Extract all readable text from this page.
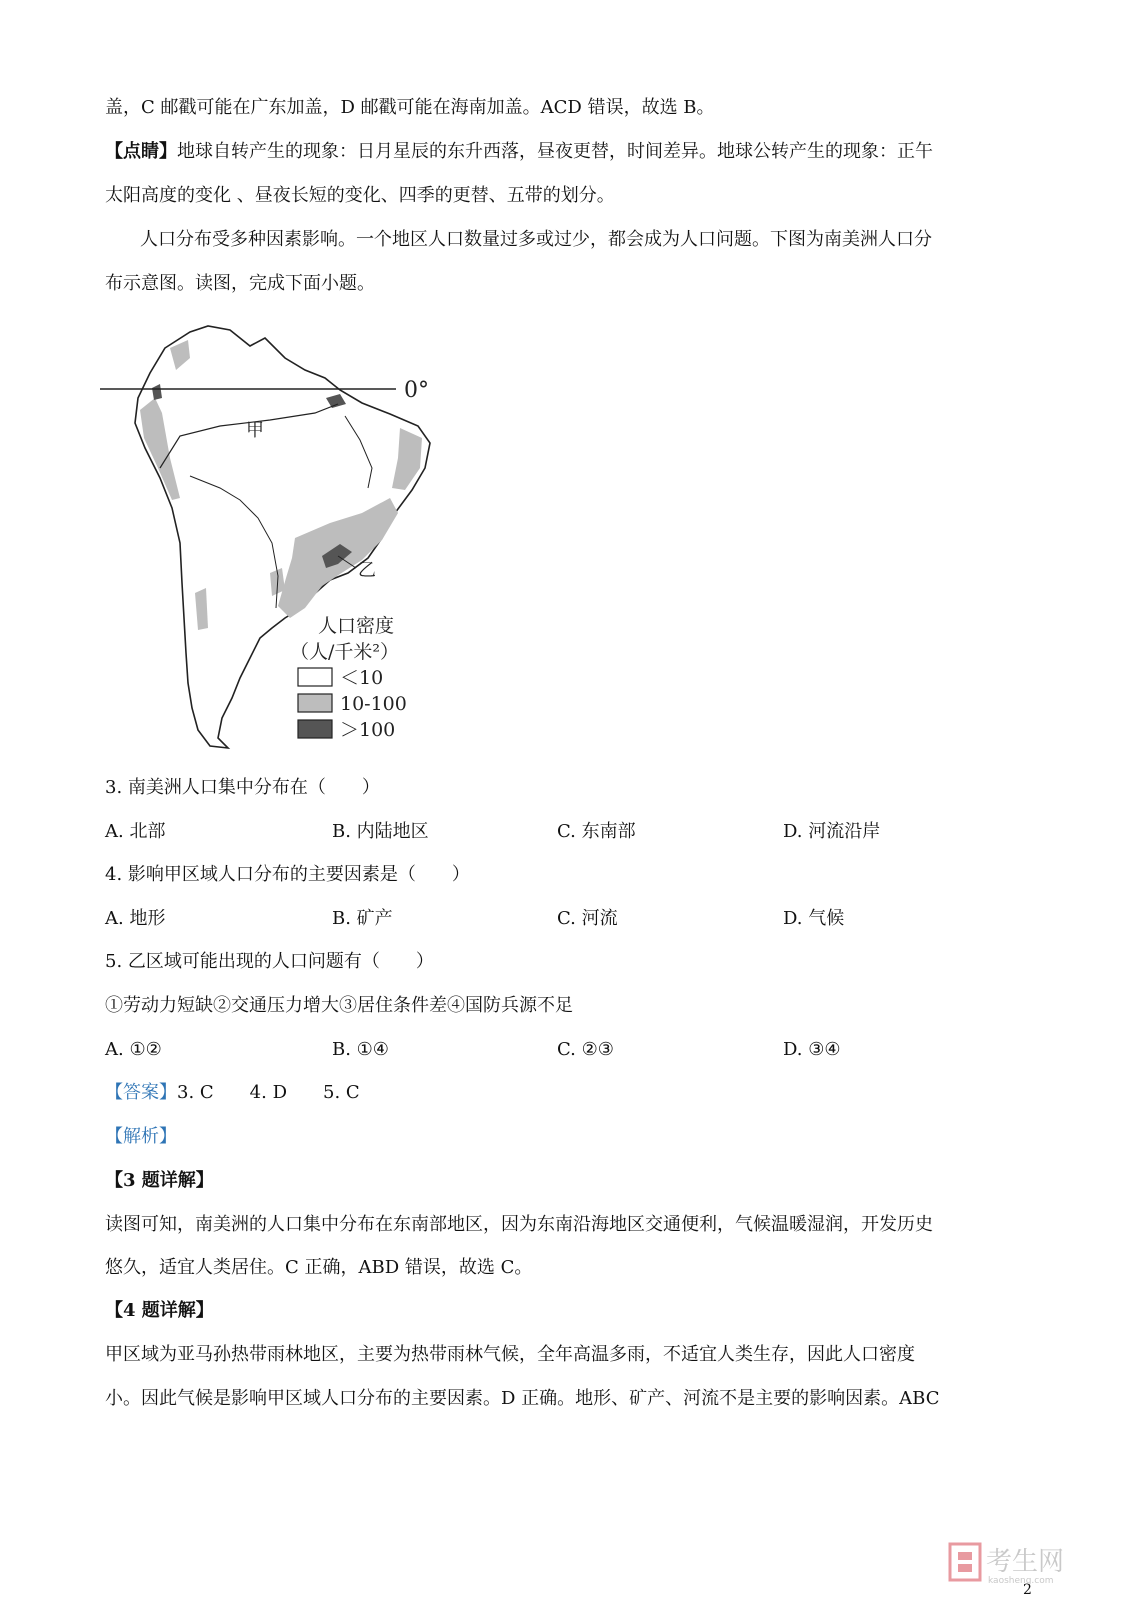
盖，C 邮戳可能在广东加盖，D 邮戳可能在海南加盖。ACD 错误，故选 B。
【点睛】地球自转产生的现象：日月星辰的东升西落，昼夜更替，时间差异。地球公转产生的现象：正午
太阳高度的变化 、昼夜长短的变化、四季的更替、五带的划分。
人口分布受多种因素影响。一个地区人口数量过多或过少，都会成为人口问题。下图为南美洲人口分
布示意图。读图，完成下面小题。
0°
甲
乙
人口密度
（人/千米²）
＜10
10-100
＞100
3. 南美洲人口集中分布在（　　）
A. 北部	B. 内陆地区	C. 东南部	D. 河流沿岸
4. 影响甲区域人口分布的主要因素是（　　）
A. 地形	B. 矿产	C. 河流	D. 气候
5. 乙区域可能出现的人口问题有（　　）
①劳动力短缺②交通压力增大③居住条件差④国防兵源不足
A. ①②	B. ①④	C. ②③	D. ③④
【答案】3. C 4. D 5. C
【解析】
【3 题详解】
读图可知，南美洲的人口集中分布在东南部地区，因为东南沿海地区交通便利，气候温暖湿润，开发历史
悠久，适宜人类居住。C 正确，ABD 错误，故选 C。
【4 题详解】
甲区域为亚马孙热带雨林地区，主要为热带雨林气候，全年高温多雨，不适宜人类生存，因此人口密度
小。因此气候是影响甲区域人口分布的主要因素。D 正确。地形、矿产、河流不是主要的影响因素。ABC
考生网
kaosheng.com
2
